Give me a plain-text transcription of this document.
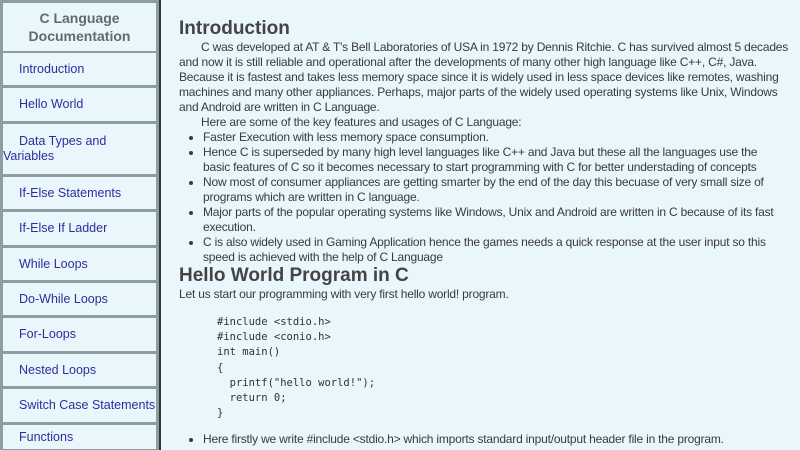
C Language Documentation
Introduction
Hello World
Data Types and Variables
If-Else Statements
If-Else If Ladder
While Loops
Do-While Loops
For-Loops
Nested Loops
Switch Case Statements
Functions
Introduction

C was developed at AT & T's Bell Laboratories of USA in 1972 by Dennis Ritchie. C has survived almost 5 decades and now it is still reliable and operational after the developments of many other high language like C++, C#, Java. Because it is fastest and takes less memory space since it is widely used in less space devices like remotes, washing machines and many other appliances. Perhaps, major parts of the widely used operating systems like Unix, Windows and Android are written in C Language.

Here are some of the key features and usages of C Language:

• Faster Execution with less memory space consumption.
• Hence C is superseded by many high level languages like C++ and Java but these all the languages use the basic features of C so it becomes necessary to start programming with C for better understading of concepts
• Now most of consumer appliances are getting smarter by the end of the day this becuase of very small size of programs which are written in C language.
• Major parts of the popular operating systems like Windows, Unix and Android are written in C because of its fast execution.
• C is also widely used in Gaming Application hence the games needs a quick response at the user input so this speed is achieved with the help of C Language
Hello World Program in C

Let us start our programming with very first hello world! program.

#include <stdio.h>
#include <conio.h>
int main()
{
printf("hello world!");
return 0;
}
• Here firstly we write #include <stdio.h> which imports standard input/output header file in the program.
